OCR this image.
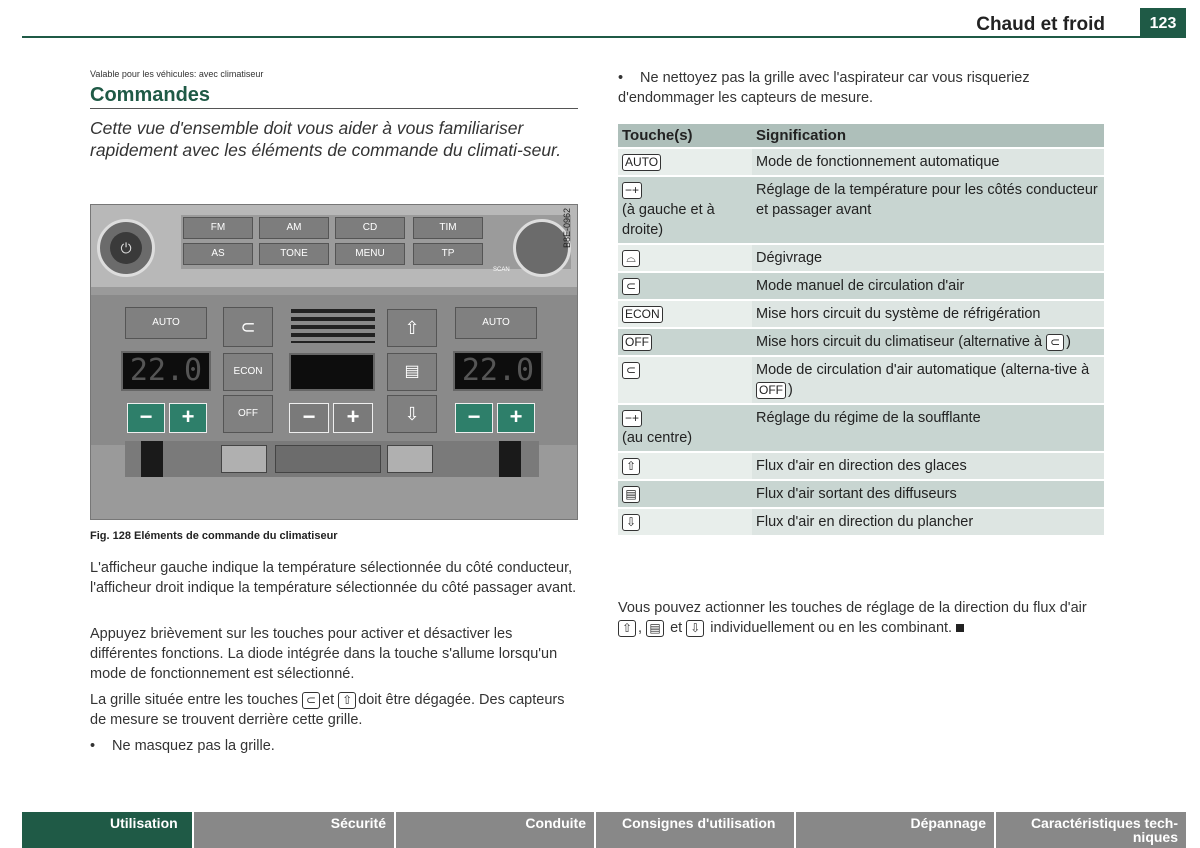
Chaud et froid	123
Valable pour les véhicules: avec climatiseur
Commandes
Cette vue d'ensemble doit vous aider à vous familiariser rapidement avec les éléments de commande du climati-seur.
⏻
FM	AM	CD	TIM
AS	TONE	MENU	TP
SCAN
AUTO	AUTO
22.0	22.0
⊂
ECON
OFF
⇧
▤
⇩
−	+	−	+	−	+
B8E-0962
Fig. 128 Eléments de commande du climatiseur
L'afficheur gauche indique la température sélectionnée du côté conducteur, l'afficheur droit indique la température sélectionnée du côté passager avant.
Appuyez brièvement sur les touches pour activer et désactiver les différentes fonctions. La diode intégrée dans la touche s'allume lorsqu'un mode de fonctionnement est sélectionné.
La grille située entre les touches ⊂ et ⇧ doit être dégagée. Des capteurs de mesure se trouvent derrière cette grille.
• Ne masquez pas la grille.
• Ne nettoyez pas la grille avec l'aspirateur car vous risqueriez d'endommager les capteurs de mesure.
Touche(s)	Signification
AUTO	Mode de fonctionnement automatique
−+
(à gauche et à droite)	Réglage de la température pour les côtés conducteur et passager avant
⌓	Dégivrage
⊂	Mode manuel de circulation d'air
ECON	Mise hors circuit du système de réfrigération
OFF	Mise hors circuit du climatiseur (alternative à ⊂ )
⊂	Mode de circulation d'air automatique (alterna-tive à OFF )
−+
(au centre)	Réglage du régime de la soufflante
⇧	Flux d'air en direction des glaces
▤	Flux d'air sortant des diffuseurs
⇩	Flux d'air en direction du plancher
Vous pouvez actionner les touches de réglage de la direction du flux d'air ⇧ , ▤ et ⇩ individuellement ou en les combinant.
Utilisation	Sécurité	Conduite	Consignes d'utilisation	Dépannage	Caractéristiques tech-niques
